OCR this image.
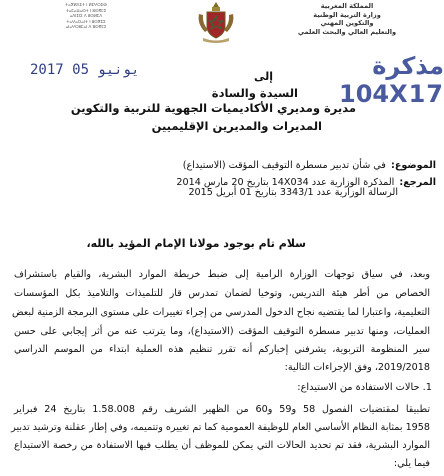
ⵜⴰⴳⵍⴷⵉⵜ ⵏ ⵍⵎⵖⵔⵉⴱ
ⵜⴰⵎⴰⵡⴰⵙⵜ ⵏ ⵓⵙⴳⵎⵉ
ⴰⴷⵏⵉⵏⵉ ⴷ ⵓⵙⵍⵎⴷ
ⵜⴰⵖⴰⵔⴰⵏⵜ ⵏ ⵓⵙⴳⵎⵉ
ⴰⵏⴰⵖⵔⵓⵎⴰⵏ ⴷ ⵓⵙⴳⵎⵉ
المملكة المغربية
وزارة التربية الوطنية
والتكوين المهني
والتعليم العالي والبحث العلمي
2017 يونيو 05	مذكرة 104X17
إلى
السيدة والسادة
مديرة ومديري الأكاديميات الجهوية للتربية والتكوين
المديرات والمديرين الإقليميين
الموضوع: في شأن تدبير مسطرة التوقيف المؤقت (الاستيداع)
المرجع: المذكرة الوزارية عدد 14X034 بتاريخ 20 مارس 2014
الرسالة الوزارية عدد 3343/1 بتاريخ 01 أبريل 2015
سلام تام بوجود مولانا الإمام المؤيد بالله،
وبعد، في سياق توجهات الوزارة الرامية إلى ضبط خريطة الموارد البشرية، والقيام باستشراف
الخصاص من أطر هيئة التدريس، وتوخيا لضمان تمدرس قار للتلميذات والتلاميذ بكل المؤسسات
التعليمية، واعتبارا لما يقتضيه نجاح الدخول المدرسي من إجراء تغييرات على مستوى البرمجة الزمنية لبعض
العمليات، ومنها تدبير مسطرة التوقيف المؤقت (الاستيداع)، وما يترتب عنه من أثر إيجابي على حسن
سير المنظومة التربوية، يشرفني إخباركم أنه تقرر تنظيم هذه العملية ابتداء من الموسم الدراسي
2019/2018، وفق الإجراءات التالية:
1. حالات الاستفادة من الاستيداع:
تطبيقا لمقتضيات الفصول 58 و59 و60 من الظهير الشريف رقم 1.58.008 بتاريخ 24 فبراير
1958 بمثابة النظام الأساسي العام للوظيفة العمومية كما تم تغييره وتتميمه، وفي إطار عقلنة وترشيد تدبير
الموارد البشرية، فقد تم تحديد الحالات التي يمكن للموظف أن يطلب فيها الاستفادة من رخصة الاستيداع
فيما يلي:
